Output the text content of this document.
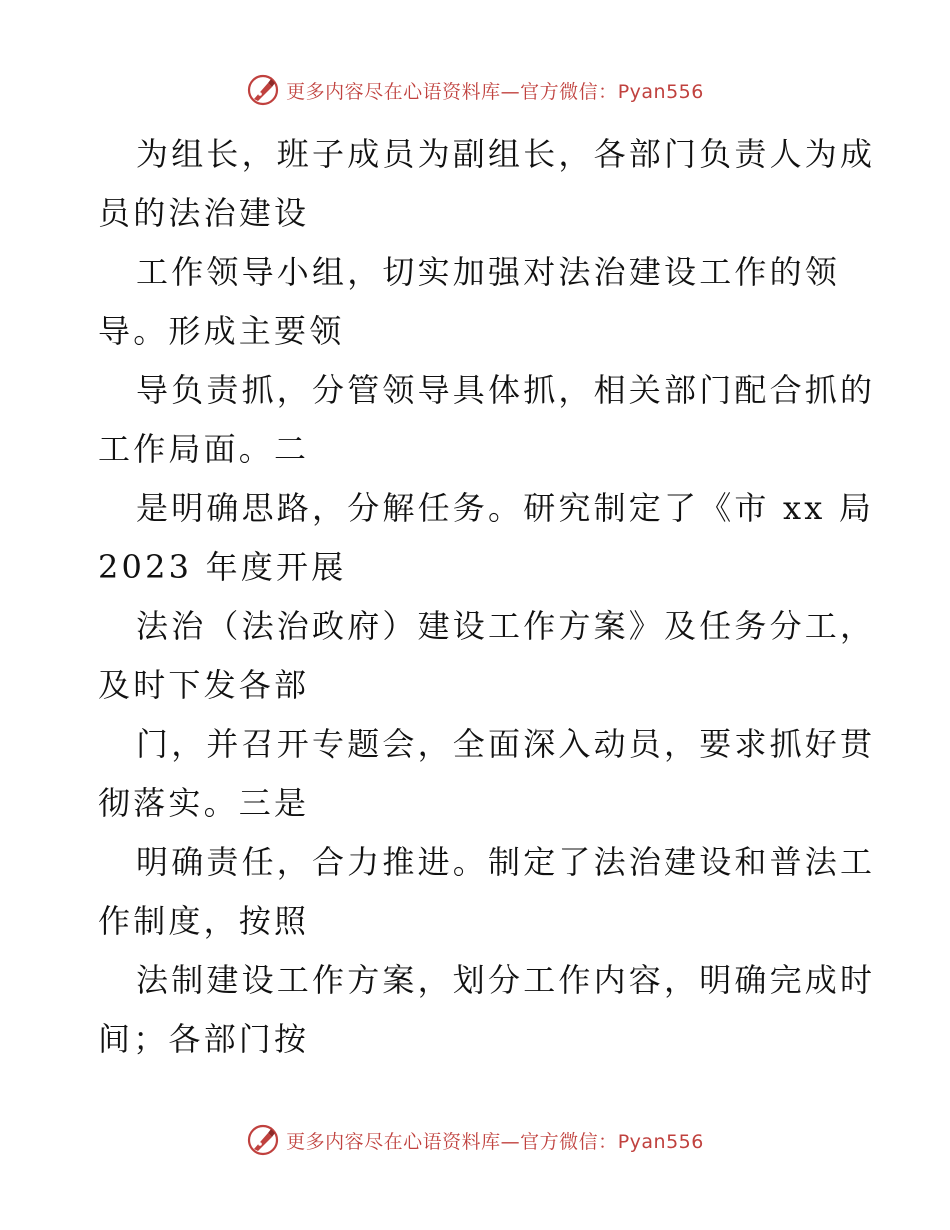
更多内容尽在心语资料库—官方微信：Pyan556

为组长，班子成员为副组长，各部门负责人为成
员的法治建设

工作领导小组，切实加强对法治建设工作的领
导。形成主要领

导负责抓，分管领导具体抓，相关部门配合抓的
工作局面。二

是明确思路，分解任务。研究制定了《市 xx 局
2023 年度开展

法治（法治政府）建设工作方案》及任务分工，
及时下发各部

门，并召开专题会，全面深入动员，要求抓好贯
彻落实。三是

明确责任，合力推进。制定了法治建设和普法工
作制度，按照

法制建设工作方案，划分工作内容，明确完成时
间；各部门按

更多内容尽在心语资料库—官方微信：Pyan556
